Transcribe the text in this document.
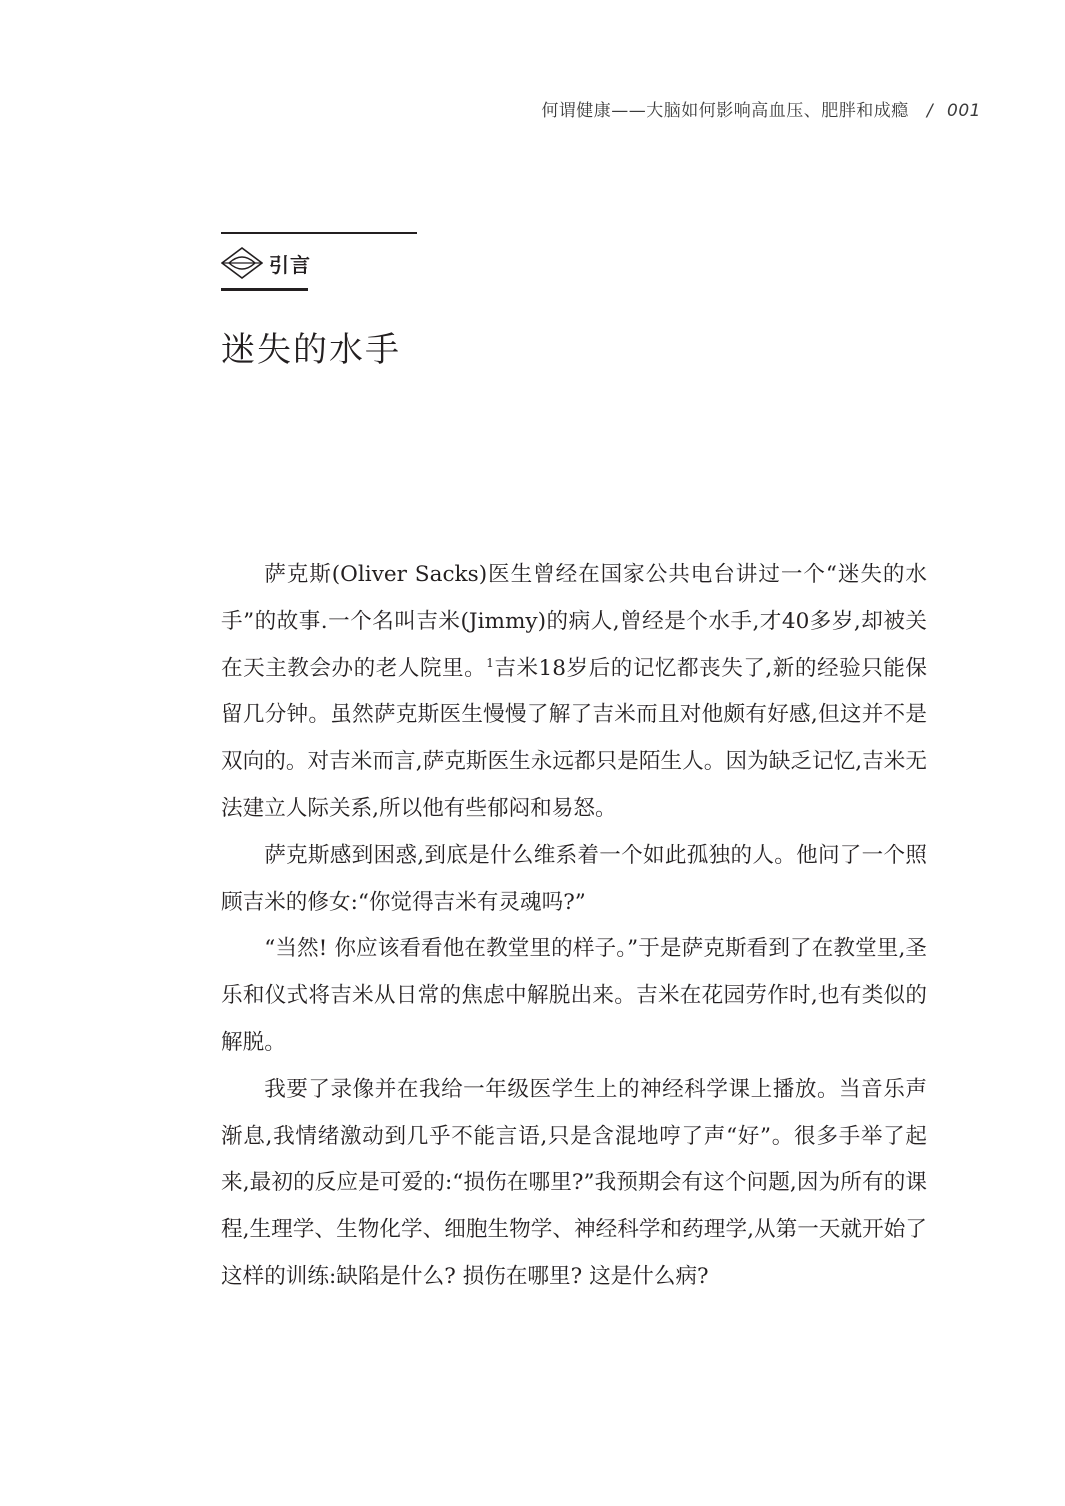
何谓健康——大脑如何影响高血压、肥胖和成瘾 / 001
引言
迷失的水手

萨克斯(Oliver Sacks)医生曾经在国家公共电台讲过一个“迷失的水手”的故事.一个名叫吉米(Jimmy)的病人,曾经是个水手,才40多岁,却被关在天主教会办的老人院里。$^1$吉米18岁后的记忆都丧失了,新的经验只能保留几分钟。虽然萨克斯医生慢慢了解了吉米而且对他颇有好感,但这并不是双向的。对吉米而言,萨克斯医生永远都只是陌生人。因为缺乏记忆,吉米无法建立人际关系,所以他有些郁闷和易怒。

萨克斯感到困惑,到底是什么维系着一个如此孤独的人。他问了一个照顾吉米的修女:“你觉得吉米有灵魂吗?”

“当然! 你应该看看他在教堂里的样子。”于是萨克斯看到了在教堂里,圣乐和仪式将吉米从日常的焦虑中解脱出来。吉米在花园劳作时,也有类似的解脱。

我要了录像并在我给一年级医学生上的神经科学课上播放。当音乐声渐息,我情绪激动到几乎不能言语,只是含混地哼了声“好”。很多手举了起来,最初的反应是可爱的:“损伤在哪里?”我预期会有这个问题,因为所有的课程,生理学、生物化学、细胞生物学、神经科学和药理学,从第一天就开始了这样的训练:缺陷是什么? 损伤在哪里? 这是什么病?
